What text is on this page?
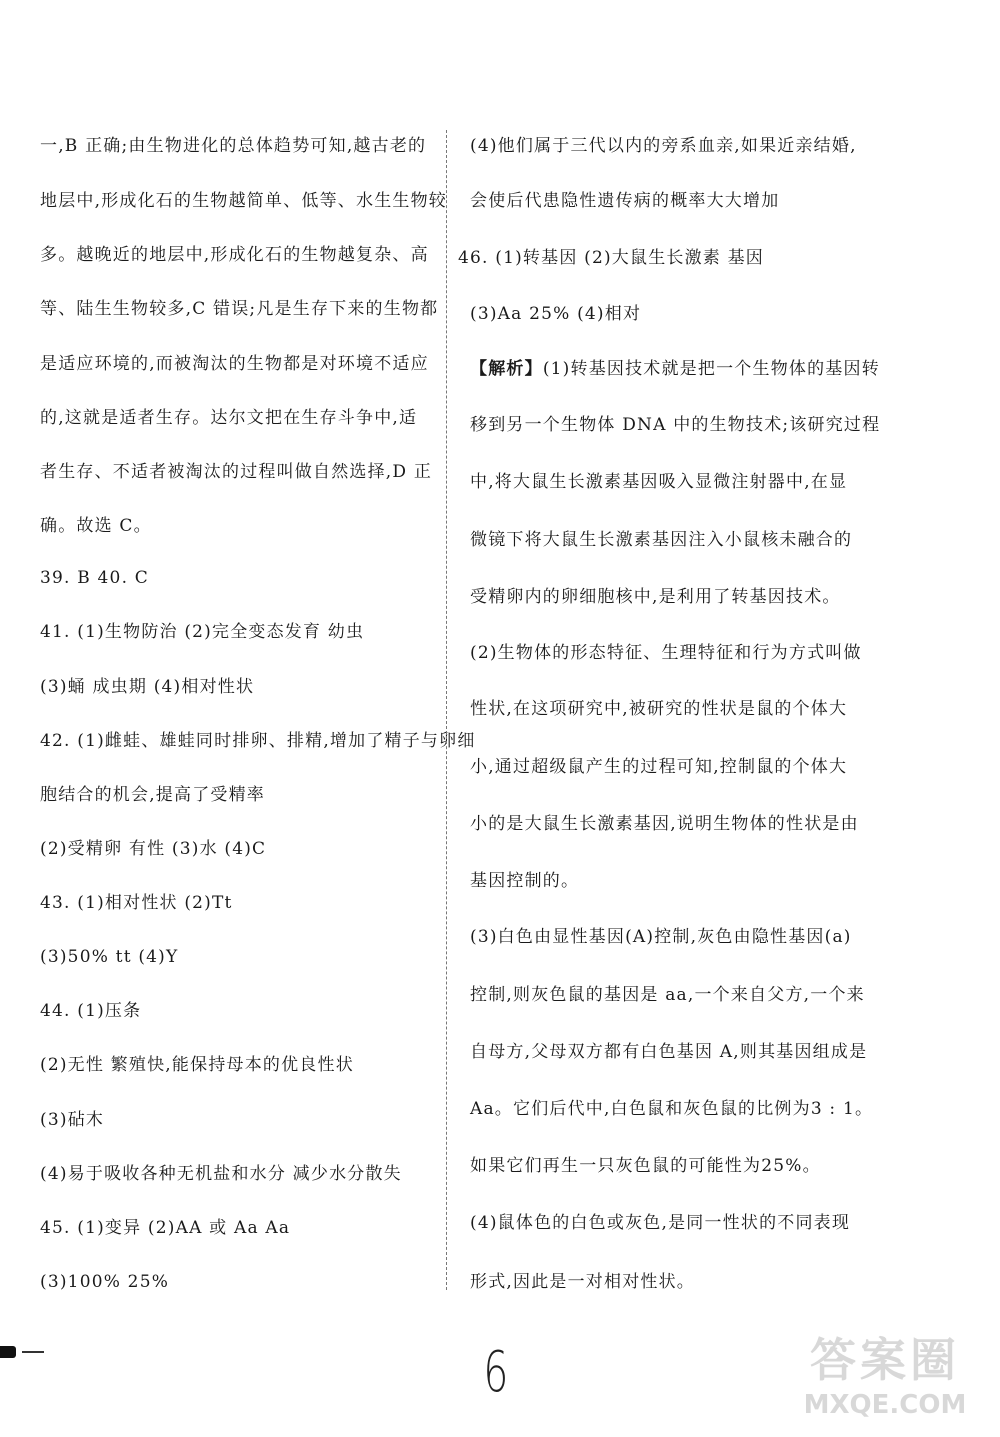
一,B 正确;由生物进化的总体趋势可知,越古老的
地层中,形成化石的生物越简单、低等、水生生物较
多。越晚近的地层中,形成化石的生物越复杂、高
等、陆生生物较多,C 错误;凡是生存下来的生物都
是适应环境的,而被淘汰的生物都是对环境不适应
的,这就是适者生存。达尔文把在生存斗争中,适
者生存、不适者被淘汰的过程叫做自然选择,D 正
确。故选 C。
39. B 40. C
41. (1)生物防治 (2)完全变态发育 幼虫
(3)蛹 成虫期 (4)相对性状
42. (1)雌蛙、雄蛙同时排卵、排精,增加了精子与卵细
胞结合的机会,提高了受精率
(2)受精卵 有性 (3)水 (4)C
43. (1)相对性状 (2)Tt
(3)50% tt (4)Y
44. (1)压条
(2)无性 繁殖快,能保持母本的优良性状
(3)砧木
(4)易于吸收各种无机盐和水分 减少水分散失
45. (1)变异 (2)AA 或 Aa Aa
(3)100% 25%
(4)他们属于三代以内的旁系血亲,如果近亲结婚,
会使后代患隐性遗传病的概率大大增加
46. (1)转基因 (2)大鼠生长激素 基因
(3)Aa 25% (4)相对
【解析】(1)转基因技术就是把一个生物体的基因转
移到另一个生物体 DNA 中的生物技术;该研究过程
中,将大鼠生长激素基因吸入显微注射器中,在显
微镜下将大鼠生长激素基因注入小鼠核未融合的
受精卵内的卵细胞核中,是利用了转基因技术。
(2)生物体的形态特征、生理特征和行为方式叫做
性状,在这项研究中,被研究的性状是鼠的个体大
小,通过超级鼠产生的过程可知,控制鼠的个体大
小的是大鼠生长激素基因,说明生物体的性状是由
基因控制的。
(3)白色由显性基因(A)控制,灰色由隐性基因(a)
控制,则灰色鼠的基因是 aa,一个来自父方,一个来
自母方,父母双方都有白色基因 A,则其基因组成是
Aa。它们后代中,白色鼠和灰色鼠的比例为3 : 1。
如果它们再生一只灰色鼠的可能性为25%。
(4)鼠体色的白色或灰色,是同一性状的不同表现
形式,因此是一对相对性状。
6	答案圈
MXQE.COM
